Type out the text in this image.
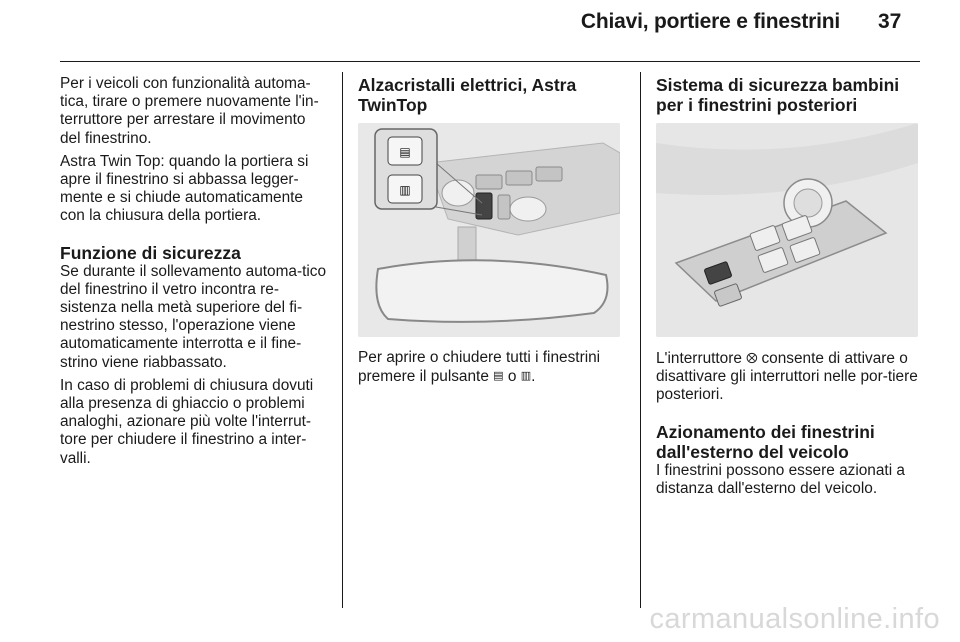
Chiavi, portiere e finestrini 37

Per i veicoli con funzionalità automa-tica, tirare o premere nuovamente l'in-terruttore per arrestare il movimento del finestrino.

Astra Twin Top: quando la portiera si apre il finestrino si abbassa legger-mente e si chiude automaticamente con la chiusura della portiera.

Funzione di sicurezza

Se durante il sollevamento automa-tico del finestrino il vetro incontra re-sistenza nella metà superiore del fi-nestrino stesso, l'operazione viene automaticamente interrotta e il fine-strino viene riabbassato.

In caso di problemi di chiusura dovuti alla presenza di ghiaccio o problemi analoghi, azionare più volte l'interrut-tore per chiudere il finestrino a inter-valli.

Alzacristalli elettrici, Astra TwinTop
▤
▥

Per aprire o chiudere tutti i finestrini premere il pulsante ▤ o ▥.

Sistema di sicurezza bambini per i finestrini posteriori

L'interruttore ⨂ consente di attivare o disattivare gli interruttori nelle por-tiere posteriori.

Azionamento dei finestrini dall'esterno del veicolo

I finestrini possono essere azionati a distanza dall'esterno del veicolo.

carmanualsonline.info
